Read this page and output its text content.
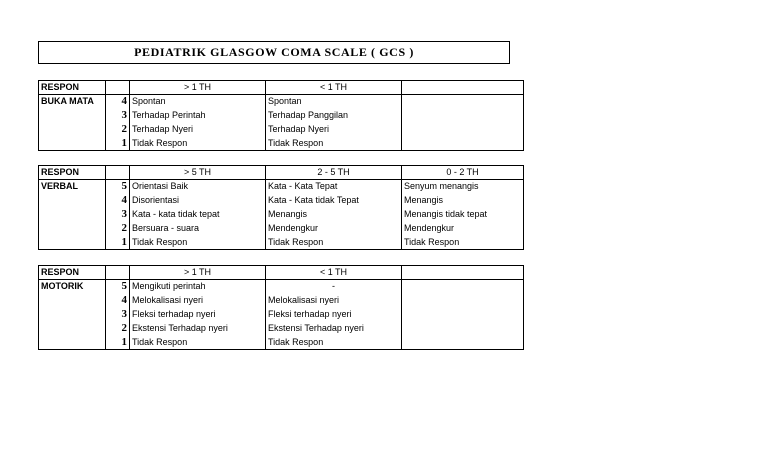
PEDIATRIK GLASGOW COMA SCALE ( GCS )
RESPON		> 1 TH	< 1 TH	
BUKA MATA	4	Spontan	Spontan	
	3	Terhadap Perintah	Terhadap Panggilan	
	2	Terhadap Nyeri	Terhadap Nyeri	
	1	Tidak Respon	Tidak Respon	
RESPON		> 5 TH	2 - 5 TH	0 - 2 TH
VERBAL	5	Orientasi Baik	Kata - Kata Tepat	Senyum menangis
	4	Disorientasi	Kata - Kata tidak Tepat	Menangis
	3	Kata - kata tidak tepat	Menangis	Menangis tidak tepat
	2	Bersuara - suara	Mendengkur	Mendengkur
	1	Tidak Respon	Tidak Respon	Tidak Respon
RESPON		> 1 TH	< 1 TH	
MOTORIK	5	Mengikuti perintah	-	
	4	Melokalisasi nyeri	Melokalisasi nyeri	
	3	Fleksi terhadap nyeri	Fleksi terhadap nyeri	
	2	Ekstensi Terhadap nyeri	Ekstensi Terhadap nyeri	
	1	Tidak Respon	Tidak Respon	
